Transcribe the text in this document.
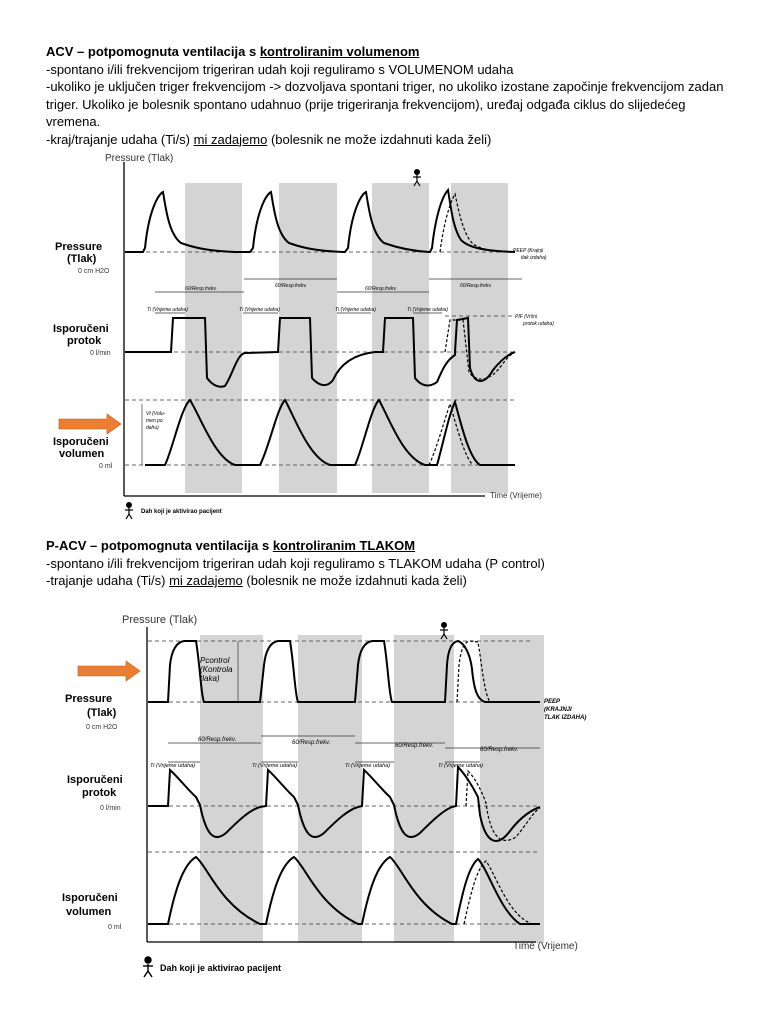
ACV – potpomognuta ventilacija s kontroliranim volumenom

-spontano i/ili frekvencijom trigeriran udah koji reguliramo s VOLUMENOM udaha

-ukoliko je uključen triger frekvencijom -> dozvoljava spontani triger, no ukoliko izostane započinje frekvencijom zadan triger. Ukoliko je bolesnik spontano udahnuo (prije trigeriranja frekvencijom), uređaj odgađa ciklus do slijedećeg vremena.

-kraj/trajanje udaha (Ti/s) mi zadajemo (bolesnik ne može izdahnuti kada želi)

Pressure (Tlak)
Time (Vrijeme)
Pressure
(Tlak)
0 cm H2O
PEEP (Krajnji
tlak izdaha)
60/Resp.frekv.	60/Resp.frekv.	60/Resp.frekv.	60/Resp.frekv.
Ti (Vrijeme udaha)	Ti (Vrijeme udaha)	Ti (Vrijeme udaha)	Ti (Vrijeme udaha)
Isporučeni
protok
0 l/min
PIF (Vršni
protok udaha)
Isporučeni
volumen
0 ml
Vt (Volu-
men po
dahu)
Dah koji je aktivirao pacijent

P-ACV – potpomognuta ventilacija s kontroliranim TLAKOM

-spontano i/ili frekvencijom trigeriran udah koji reguliramo s TLAKOM udaha (P control)

-trajanje udaha (Ti/s) mi zadajemo (bolesnik ne može izdahnuti kada želi)

Pressure (Tlak)
Time (Vrijeme)
Pcontrol
(Kontrola
tlaka)
Pressure
(Tlak)
0 cm H2O
PEEP
(KRAJNJI
TLAK IZDAHA)
60/Resp.frekv.	60/Resp.frekv.	60/Resp.frekv.
60/Resp.frekv.
Ti (Vrijeme udaha)	Ti (Vrijeme udaha)	Ti (Vrijeme udaha)	Ti (Vrijeme udaha)
Isporučeni
protok
0 l/min
Isporučeni
volumen
0 ml
Dah koji je aktivirao pacijent
